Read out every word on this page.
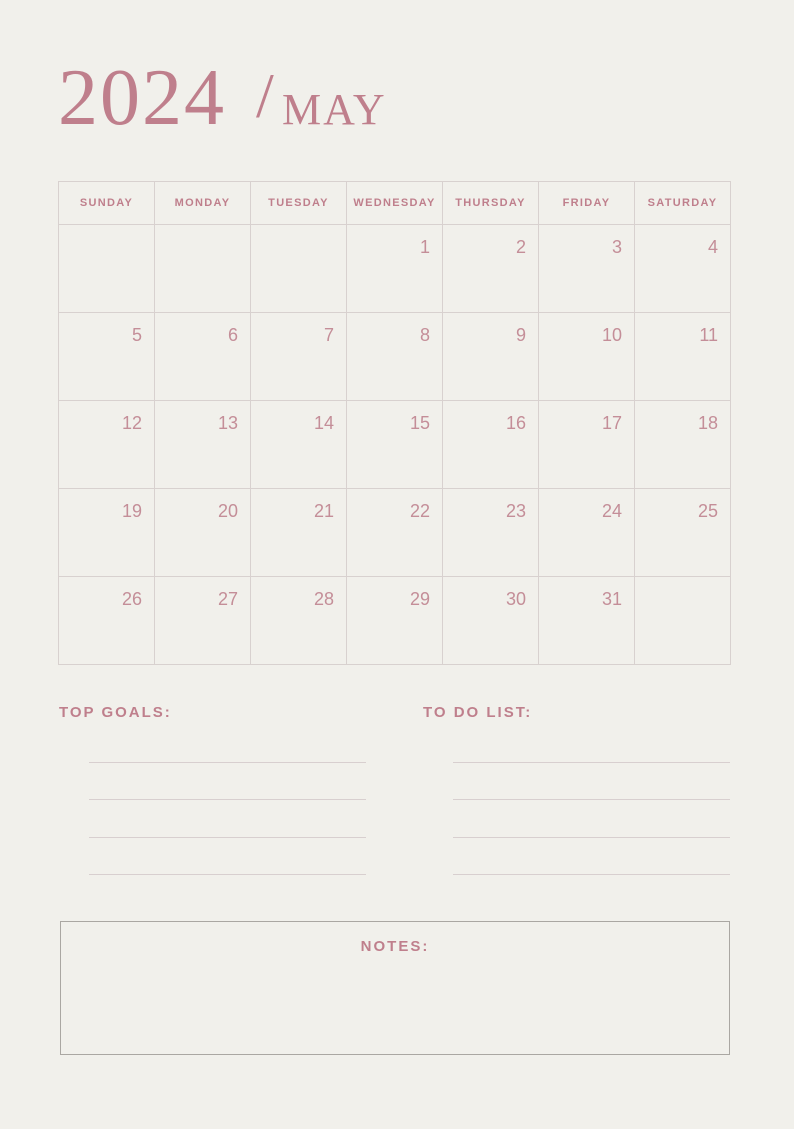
2024 / MAY
SUNDAY	MONDAY	TUESDAY	WEDNESDAY	THURSDAY	FRIDAY	SATURDAY

			1	2	3	4

5	6	7	8	9	10	11

12	13	14	15	16	17	18

19	20	21	22	23	24	25

26	27	28	29	30	31	

TOP GOALS:	TO DO LIST:
NOTES:
